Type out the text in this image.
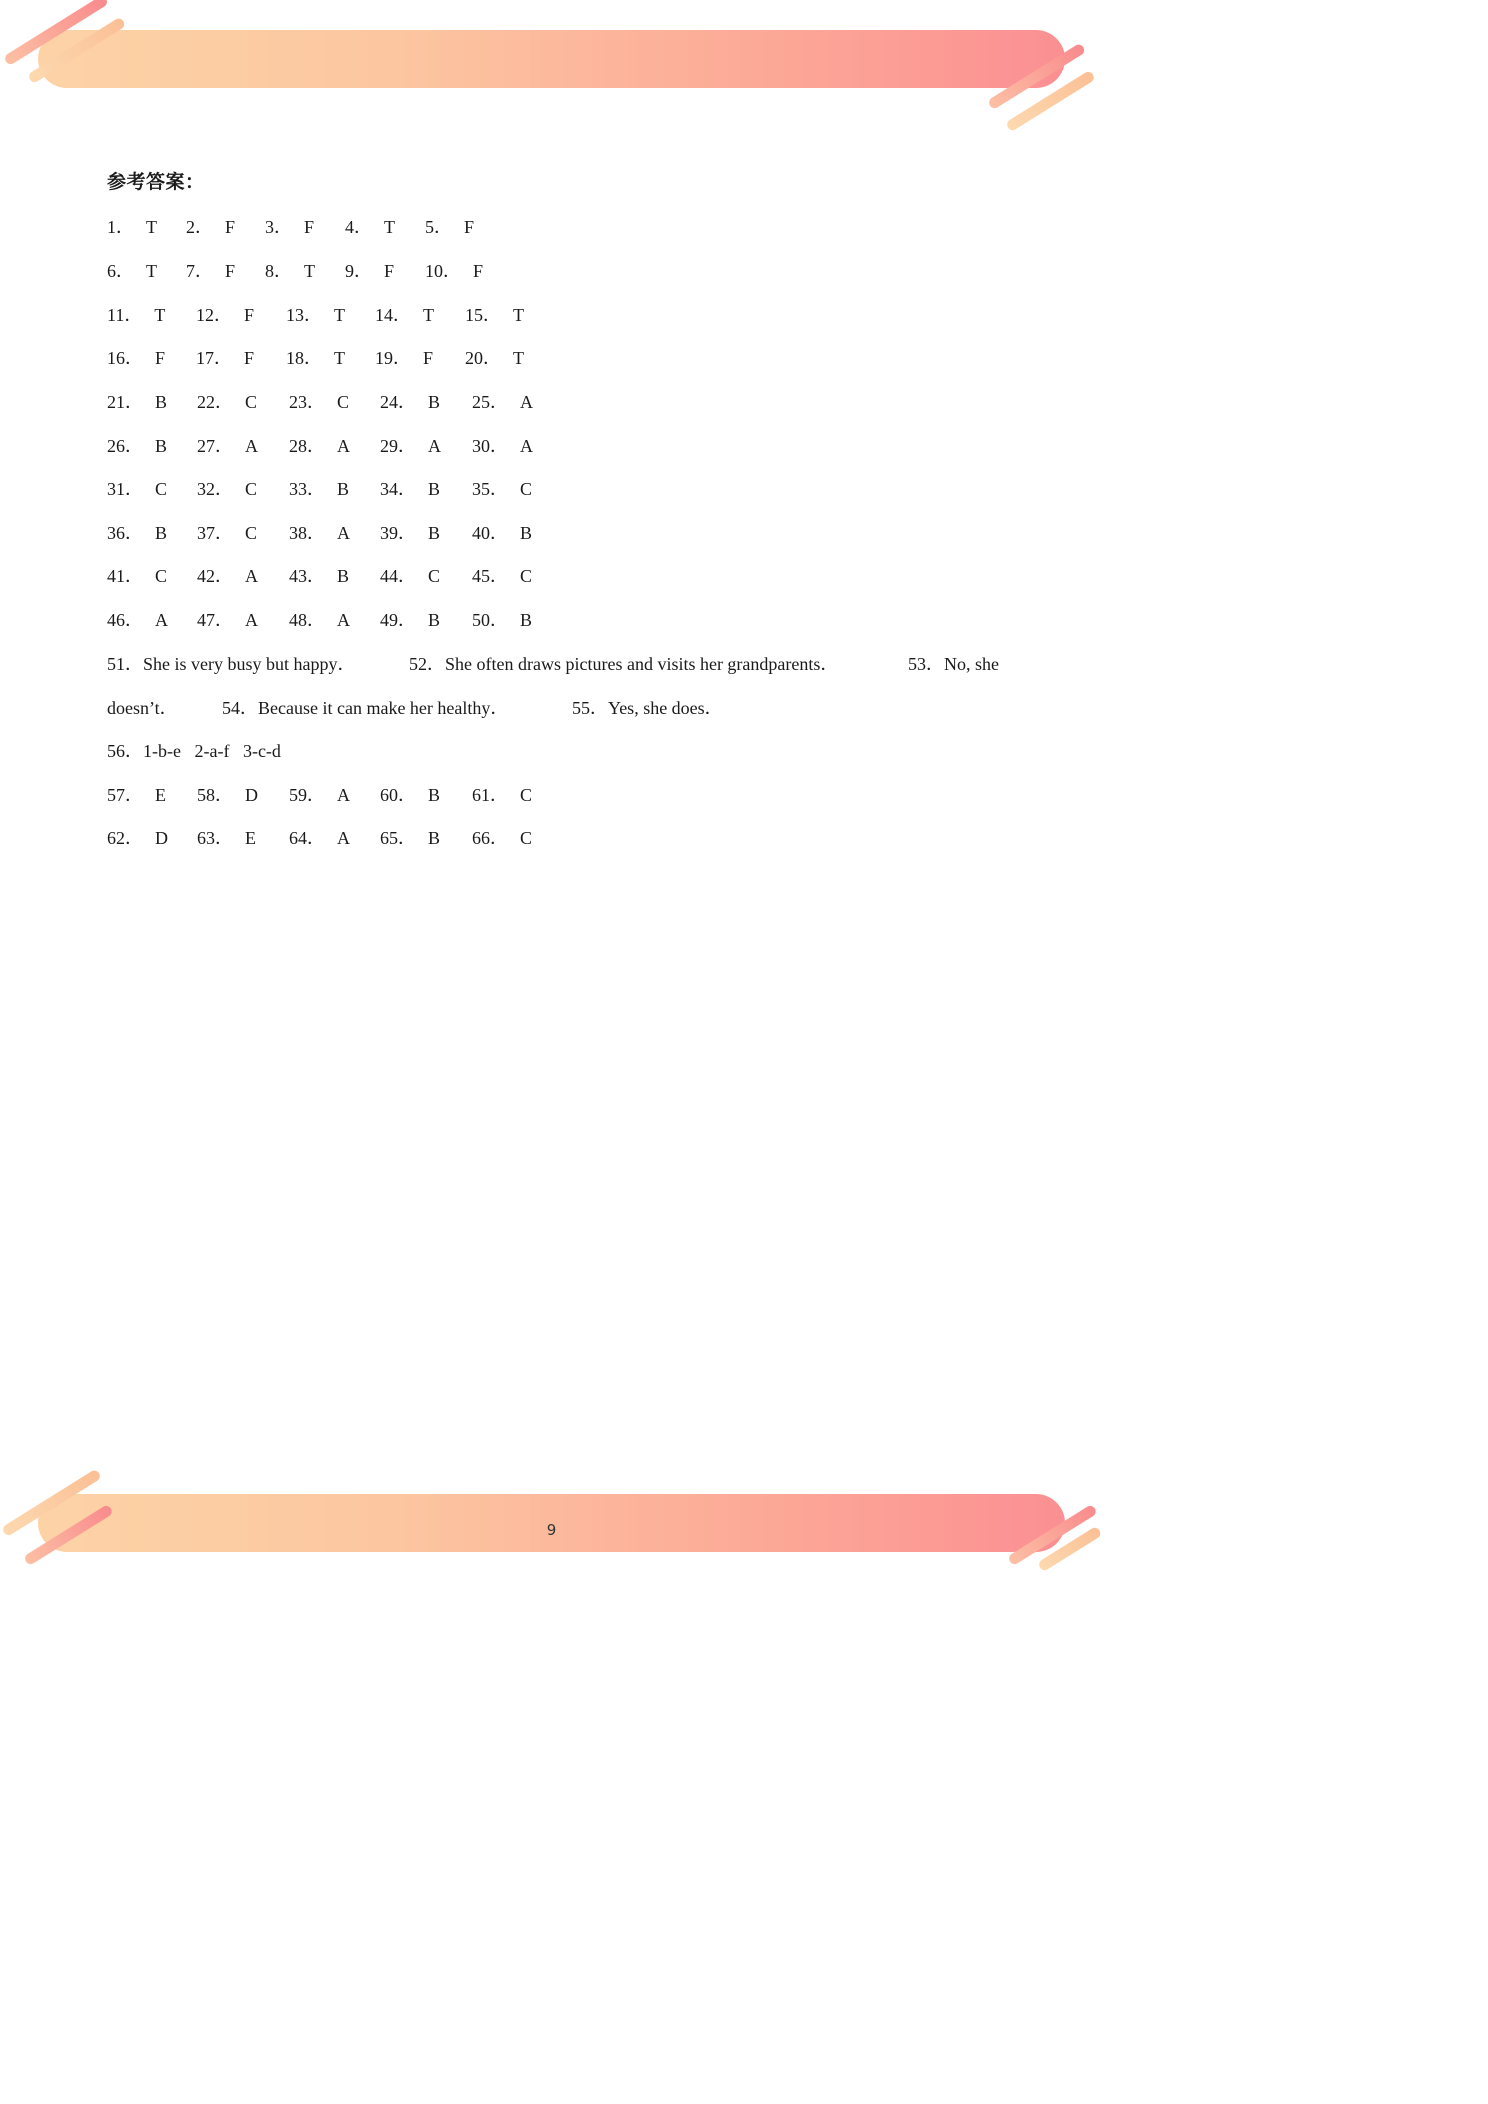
参考答案：
1． T 2． F 3． F 4． T 5． F
6． T 7． F 8． T 9． F 10． F
11． T 12． F 13． T 14． T 15． T
16． F 17． F 18． T 19． F 20． T
21． B 22． C 23． C 24． B 25． A
26． B 27． A 28． A 29． A 30． A
31． C 32． C 33． B 34． B 35． C
36． B 37． C 38． A 39． B 40． B
41． C 42． A 43． B 44． C 45． C
46． A 47． A 48． A 49． B 50． B
51．She is very busy but happy．	52．She often draws pictures and visits her grandparents．	53．No, she
doesn’t． 54．Because it can make her healthy．	55．Yes, she does．
56．1-b-e   2-a-f   3-c-d
57． E 58． D 59． A 60． B 61． C
62． D 63． E 64． A 65． B 66． C
9
